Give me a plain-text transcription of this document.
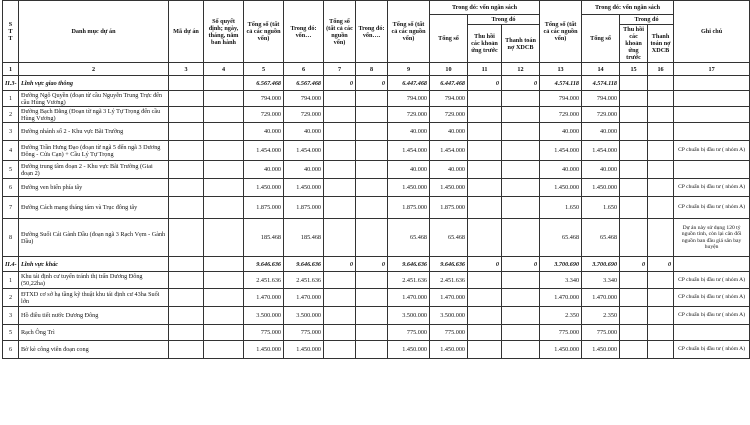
S
T
T	Danh mục dự án	Mã dự án	Số quyết định; ngày, tháng, năm ban hành	Tổng số (tất cả các nguồn vốn)	Trong đó: vốn…	Tổng số (tất cả các nguồn vốn)	Trong đó: vốn….	Tổng số (tất cả các nguồn vốn)	Trong đó: vốn ngân sách			Tổng số (tất cả các nguồn vốn)	Trong đó: vốn ngân sách			Ghi chú
									Tổng số	Trong đó			Tổng số	Trong đó		
										Thu hồi các khoản ứng trước	Thanh toán nợ XDCB			Thu hồi các khoản ứng trước	Thanh toán nợ XDCB	
1	2	3	4	5	6	7	8	9	10	11	12	13	14	15	16	17
II.3-	Lĩnh vực giao thông			6.567.468	6.567.468	0	0	6.447.468	6.447.468	0	0	4.574.118	4.574.118			
1	Đường Ngô Quyền (đoạn từ cầu Nguyễn Trung Trực đến cầu Hùng Vương)			794.000	794.000			794.000	794.000			794.000	794.000			
2	Đường Bạch Đằng (Đoạn từ ngã 3 Lý Tự Trọng đến cầu Hùng Vương)			729.000	729.000			729.000	729.000			729.000	729.000			
3	Đường nhánh số 2 - Khu vực Bãi Trường			40.000	40.000			40.000	40.000			40.000	40.000			
4	Đường Trần Hưng Đạo (đoạn từ ngã 5 đến ngã 3 Dương Đông - Cửa Cạn) + Cầu Lý Tự Trọng			1.454.000	1.454.000			1.454.000	1.454.000			1.454.000	1.454.000			CP chuẩn bị đầu tư ( nhóm A)
5	Đường trung tâm đoạn 2 - Khu vực Bãi Trường (Giai đoạn 2)			40.000	40.000			40.000	40.000			40.000	40.000			
6	Đường ven biển phía tây			1.450.000	1.450.000			1.450.000	1.450.000			1.450.000	1.450.000			CP chuẩn bị đầu tư ( nhóm A)
7	Đường Cách mạng tháng tám và Trục đông tây			1.875.000	1.875.000			1.875.000	1.875.000			1.650	1.650			CP chuẩn bị đầu tư ( nhóm A)
8	Đường Suối Cái Gành Dầu (đoạn ngã 3 Rạch Vẹm - Gành Dầu)			185.468	185.468			65.468	65.468			65.468	65.468			Dự án này sử dụng 120 tỷ nguồn tỉnh, còn lại cân đối nguồn ban đầu giá sân bay huyện
II.4-	Lĩnh vực khác			9.646.636	9.646.636	0	0	9.646.636	9.646.636	0	0	3.700.690	3.700.690	0	0	
1	Khu tái định cư tuyến tránh thị trấn Dương Đông (50,22ha)			2.451.636	2.451.636			2.451.636	2.451.636			3.340	3.340			CP chuẩn bị đầu tư ( nhóm A)
2	ĐTXD cơ sở hạ tầng kỹ thuật khu tái định cư 43ha Suối lớn			1.470.000	1.470.000			1.470.000	1.470.000			1.470.000	1.470.000			CP chuẩn bị đầu tư ( nhóm A)
3	Hồ điều tiết nước Dương Đông			3.500.000	3.500.000			3.500.000	3.500.000			2.350	2.350			CP chuẩn bị đầu tư ( nhóm A)
5	Rạch Ông Trì			775.000	775.000			775.000	775.000			775.000	775.000			
6	Bờ kè công viên đoạn cong			1.450.000	1.450.000			1.450.000	1.450.000			1.450.000	1.450.000			CP chuẩn bị đầu tư ( nhóm A)
